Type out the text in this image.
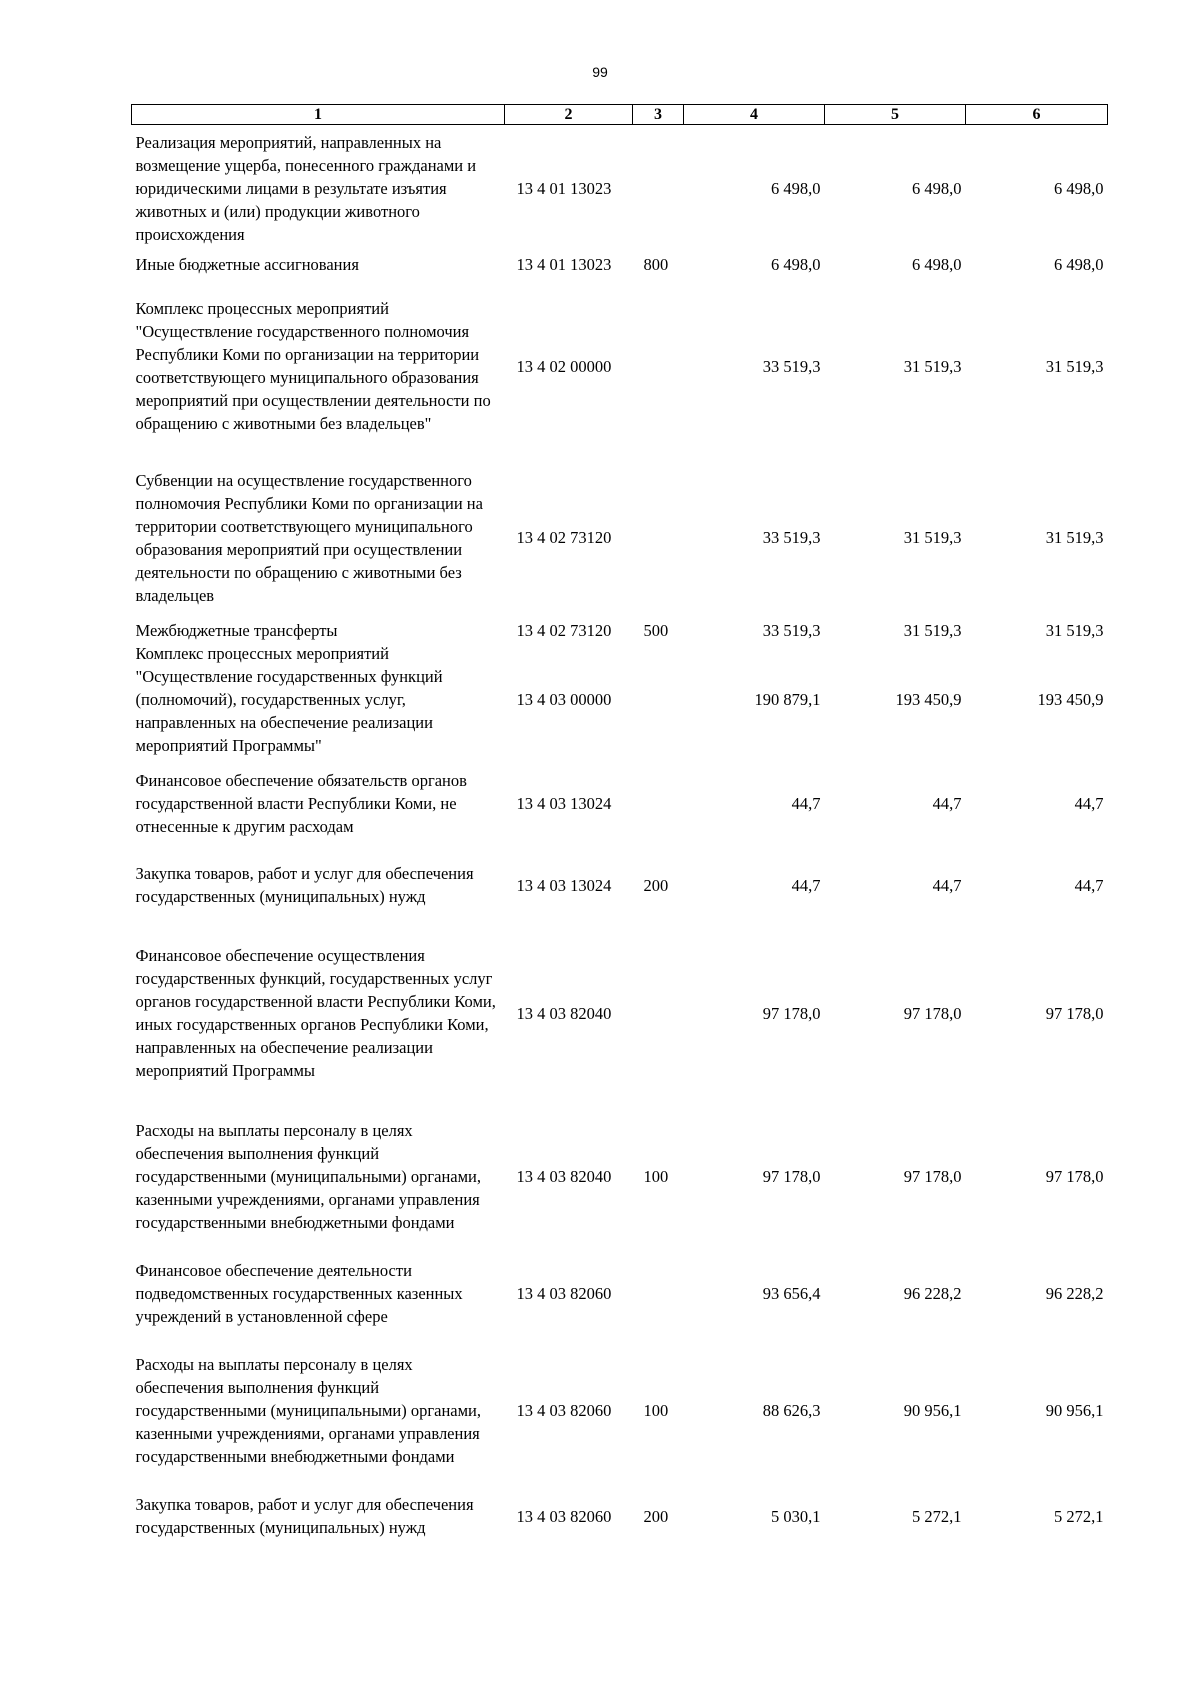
99
1	2	3	4	5	6
Реализация мероприятий, направленных на возмещение ущерба, понесенного гражданами и юридическими лицами в результате изъятия животных и (или) продукции животного происхождения	13 4 01 13023		6 498,0	6 498,0	6 498,0
Иные бюджетные ассигнования	13 4 01 13023	800	6 498,0	6 498,0	6 498,0
Комплекс процессных мероприятий "Осуществление государственного полномочия Республики Коми по организации на территории соответствующего муниципального образования мероприятий при осуществлении деятельности по обращению с животными без владельцев"	13 4 02 00000		33 519,3	31 519,3	31 519,3
Субвенции на осуществление государственного полномочия Республики Коми по организации на территории соответствующего муниципального образования мероприятий при осуществлении деятельности по обращению с животными без владельцев	13 4 02 73120		33 519,3	31 519,3	31 519,3
Межбюджетные трансферты	13 4 02 73120	500	33 519,3	31 519,3	31 519,3
Комплекс процессных мероприятий "Осуществление государственных функций (полномочий), государственных услуг, направленных на обеспечение реализации мероприятий Программы"	13 4 03 00000		190 879,1	193 450,9	193 450,9
Финансовое обеспечение обязательств органов государственной власти Республики Коми, не отнесенные к другим расходам	13 4 03 13024		44,7	44,7	44,7
Закупка товаров, работ и услуг для обеспечения государственных (муниципальных) нужд	13 4 03 13024	200	44,7	44,7	44,7
Финансовое обеспечение осуществления государственных функций, государственных услуг органов государственной власти Республики Коми, иных государственных органов Республики Коми, направленных на обеспечение реализации мероприятий Программы	13 4 03 82040		97 178,0	97 178,0	97 178,0
Расходы на выплаты персоналу в целях обеспечения выполнения функций государственными (муниципальными) органами, казенными учреждениями, органами управления государственными внебюджетными фондами	13 4 03 82040	100	97 178,0	97 178,0	97 178,0
Финансовое обеспечение деятельности подведомственных государственных казенных учреждений в установленной сфере	13 4 03 82060		93 656,4	96 228,2	96 228,2
Расходы на выплаты персоналу в целях обеспечения выполнения функций государственными (муниципальными) органами, казенными учреждениями, органами управления государственными внебюджетными фондами	13 4 03 82060	100	88 626,3	90 956,1	90 956,1
Закупка товаров, работ и услуг для обеспечения государственных (муниципальных) нужд	13 4 03 82060	200	5 030,1	5 272,1	5 272,1
